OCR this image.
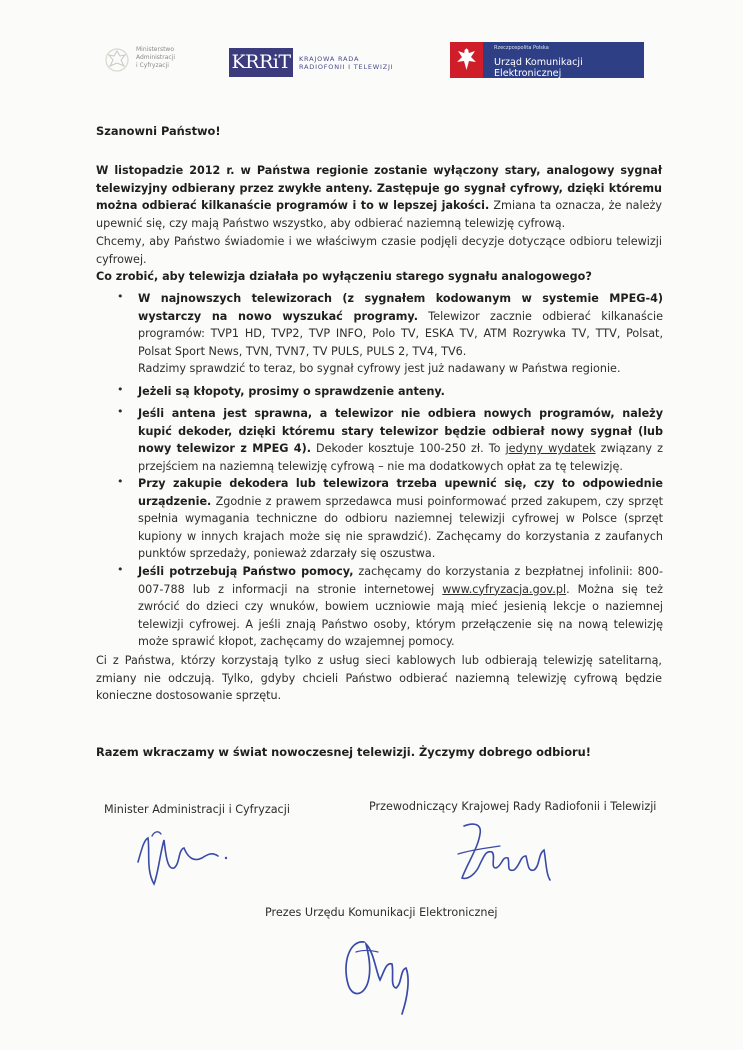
Ministerstwo
Administracji
i Cyfryzacji	KRRiT	KRAJOWA RADA
RADIOFONII I TELEWIZJI
Rzeczpospolita Polska
Urząd Komunikacji Elektronicznej
Szanowni Państwo!

W listopadzie 2012 r. w Państwa regionie zostanie wyłączony stary, analogowy sygnał telewizyjny odbierany przez zwykłe anteny. Zastępuje go sygnał cyfrowy, dzięki któremu można odbierać kilkanaście programów i to w lepszej jakości. Zmiana ta oznacza, że należy upewnić się, czy mają Państwo wszystko, aby odbierać naziemną telewizję cyfrową.

Chcemy, aby Państwo świadomie i we właściwym czasie podjęli decyzje dotyczące odbioru telewizji cyfrowej.
Co zrobić, aby telewizja działała po wyłączeniu starego sygnału analogowego?
• W najnowszych telewizorach (z sygnałem kodowanym w systemie MPEG-4) wystarczy na nowo wyszukać programy. Telewizor zacznie odbierać kilkanaście programów: TVP1 HD, TVP2, TVP INFO, Polo TV, ESKA TV, ATM Rozrywka TV, TTV, Polsat, Polsat Sport News, TVN, TVN7, TV PULS, PULS 2, TV4, TV6.
Radzimy sprawdzić to teraz, bo sygnał cyfrowy jest już nadawany w Państwa regionie.
• Jeżeli są kłopoty, prosimy o sprawdzenie anteny.
• Jeśli antena jest sprawna, a telewizor nie odbiera nowych programów, należy kupić dekoder, dzięki któremu stary telewizor będzie odbierał nowy sygnał (lub nowy telewizor z MPEG 4). Dekoder kosztuje 100-250 zł. To jedyny wydatek związany z przejściem na naziemną telewizję cyfrową – nie ma dodatkowych opłat za tę telewizję.
• Przy zakupie dekodera lub telewizora trzeba upewnić się, czy to odpowiednie urządzenie. Zgodnie z prawem sprzedawca musi poinformować przed zakupem, czy sprzęt spełnia wymagania techniczne do odbioru naziemnej telewizji cyfrowej w Polsce (sprzęt kupiony w innych krajach może się nie sprawdzić). Zachęcamy do korzystania z zaufanych punktów sprzedaży, ponieważ zdarzały się oszustwa.
• Jeśli potrzebują Państwo pomocy, zachęcamy do korzystania z bezpłatnej infolinii: 800-007-788 lub z informacji na stronie internetowej www.cyfryzacja.gov.pl. Można się też zwrócić do dzieci czy wnuków, bowiem uczniowie mają mieć jesienią lekcje o naziemnej telewizji cyfrowej. A jeśli znają Państwo osoby, którym przełączenie się na nową telewizję może sprawić kłopot, zachęcamy do wzajemnej pomocy.
Ci z Państwa, którzy korzystają tylko z usług sieci kablowych lub odbierają telewizję satelitarną, zmiany nie odczują. Tylko, gdyby chcieli Państwo odbierać naziemną telewizję cyfrową będzie konieczne dostosowanie sprzętu.
Razem wkraczamy w świat nowoczesnej telewizji. Życzymy dobrego odbioru!
Minister Administracji i Cyfryzacji	Przewodniczący Krajowej Rady Radiofonii i Telewizji
Prezes Urzędu Komunikacji Elektronicznej
